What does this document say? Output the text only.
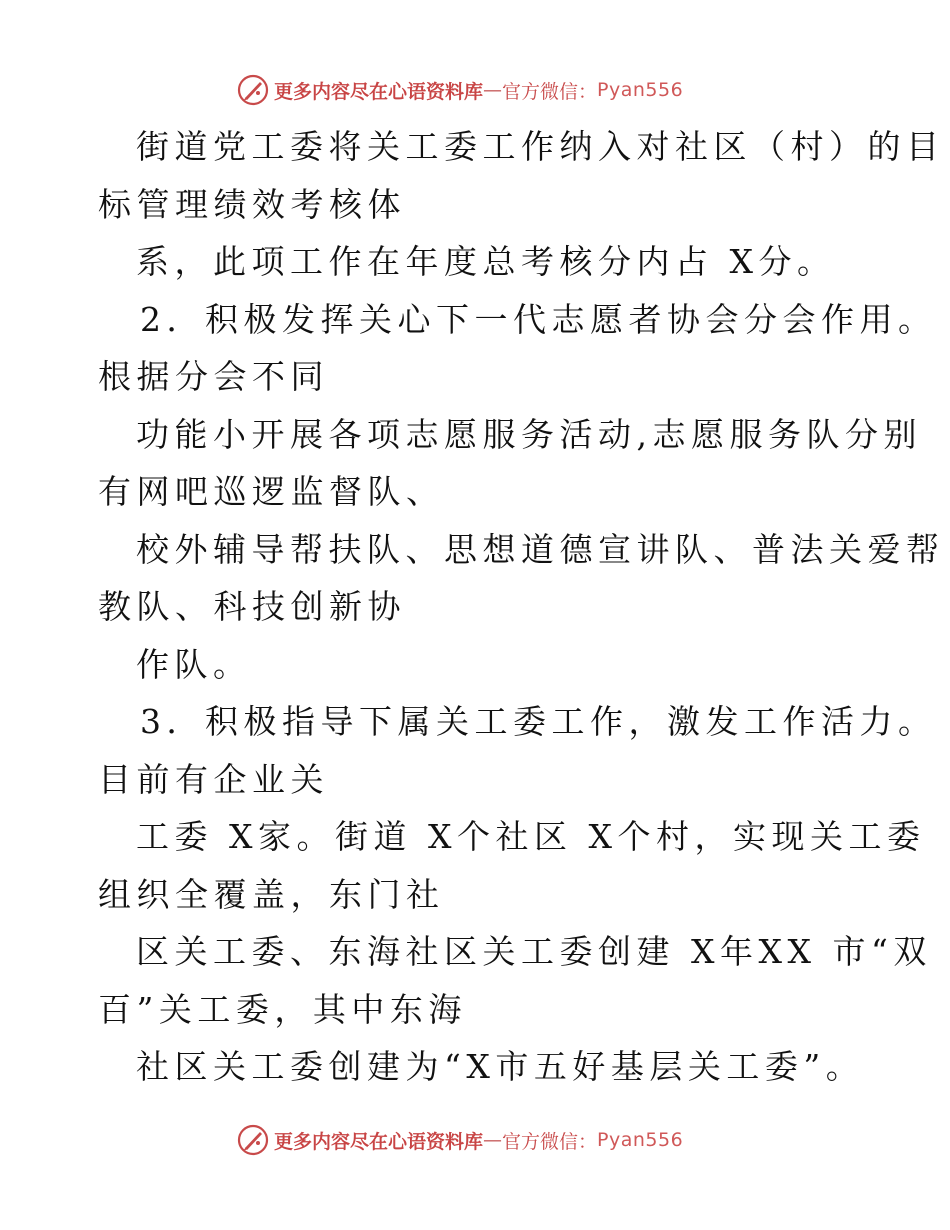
更多内容尽在心语资料库 — 官方微信： Pyan556
街道党工委将关工委工作纳入对社区（村）的目
标管理绩效考核体
系，此项工作在年度总考核分内占 X分。
2．积极发挥关心下一代志愿者协会分会作用。
根据分会不同
功能小开展各项志愿服务活动,志愿服务队分别
有网吧巡逻监督队、
校外辅导帮扶队、思想道德宣讲队、普法关爱帮
教队、科技创新协
作队。
3．积极指导下属关工委工作，激发工作活力。
目前有企业关
工委 X家。街道 X个社区 X个村，实现关工委
组织全覆盖，东门社
区关工委、东海社区关工委创建 X年XX 市“双
百”关工委，其中东海
社区关工委创建为“X市五好基层关工委”。
更多内容尽在心语资料库 — 官方微信： Pyan556
